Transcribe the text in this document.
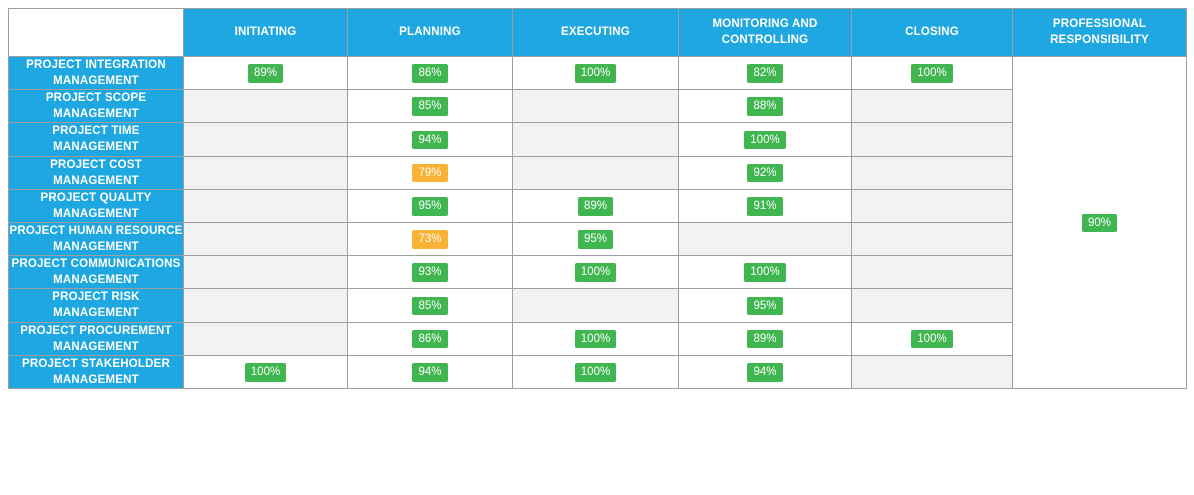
	INITIATING	PLANNING	EXECUTING	MONITORING AND CONTROLLING	CLOSING	PROFESSIONAL RESPONSIBILITY
PROJECT INTEGRATION MANAGEMENT	89%	86%	100%	82%	100%	90%
PROJECT SCOPE MANAGEMENT		85%		88%		
PROJECT TIME MANAGEMENT		94%		100%		
PROJECT COST MANAGEMENT		79%		92%		
PROJECT QUALITY MANAGEMENT		95%	89%	91%		
PROJECT HUMAN RESOURCE MANAGEMENT		73%	95%			
PROJECT COMMUNICATIONS MANAGEMENT		93%	100%	100%		
PROJECT RISK MANAGEMENT		85%		95%		
PROJECT PROCUREMENT MANAGEMENT		86%	100%	89%	100%	
PROJECT STAKEHOLDER MANAGEMENT	100%	94%	100%	94%		
